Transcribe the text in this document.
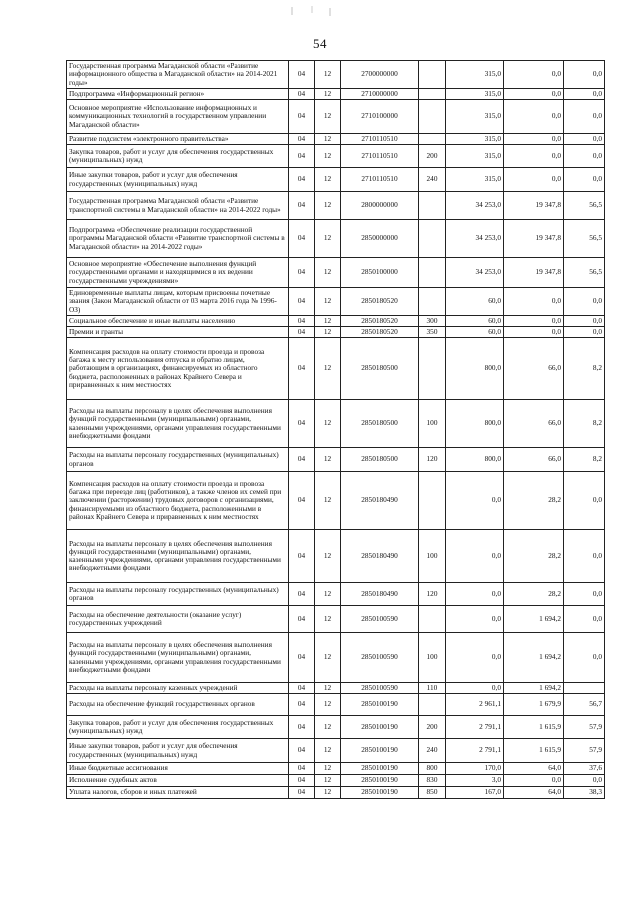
54
Государственная программа Магаданской области «Развитие информационного общества в Магаданской области» на 2014-2021 годы»	04	12	2700000000		315,0	0,0	0,0
Подпрограмма «Информационный регион»	04	12	2710000000		315,0	0,0	0,0
Основное мероприятие «Использование информационных и коммуникационных технологий в государственном управлении Магаданской области»	04	12	2710100000		315,0	0,0	0,0
Развитие подсистем «электронного правительства»	04	12	2710110510		315,0	0,0	0,0
Закупка товаров, работ и услуг для обеспечения государственных (муниципальных) нужд	04	12	2710110510	200	315,0	0,0	0,0
Иные закупки товаров, работ и услуг для обеспечения государственных (муниципальных) нужд	04	12	2710110510	240	315,0	0,0	0,0
Государственная программа Магаданской области «Развитие транспортной системы в Магаданской области» на 2014-2022 годы»	04	12	2800000000		34 253,0	19 347,8	56,5
Подпрограмма «Обеспечение реализации государственной программы Магаданской области «Развитие транспортной системы в Магаданской области» на 2014-2022 годы»	04	12	2850000000		34 253,0	19 347,8	56,5
Основное мероприятие «Обеспечение выполнения функций государственными органами и находящимися в их ведении государственными учреждениями»	04	12	2850100000		34 253,0	19 347,8	56,5
Единовременные выплаты лицам, которым присвоены почетные звания (Закон Магаданской области от 03 марта 2016 года № 1996-ОЗ)	04	12	2850180520		60,0	0,0	0,0
Социальное обеспечение и иные выплаты населению	04	12	2850180520	300	60,0	0,0	0,0
Премии и гранты	04	12	2850180520	350	60,0	0,0	0,0
Компенсация расходов на оплату стоимости проезда и провоза багажа к месту использования отпуска и обратно лицам, работающим в организациях, финансируемых из областного бюджета, расположенных в районах Крайнего Севера и приравненных к ним местностях	04	12	2850180500		800,0	66,0	8,2
Расходы на выплаты персоналу в целях обеспечения выполнения функций государственными (муниципальными) органами, казенными учреждениями, органами управления государственными внебюджетными фондами	04	12	2850180500	100	800,0	66,0	8,2
Расходы на выплаты персоналу государственных (муниципальных) органов	04	12	2850180500	120	800,0	66,0	8,2
Компенсация расходов на оплату стоимости проезда и провоза багажа при переезде лиц (работников), а также членов их семей при заключении (расторжении) трудовых договоров с организациями, финансируемыми из областного бюджета, расположенными в районах Крайнего Севера и приравненных к ним местностях	04	12	2850180490		0,0	28,2	0,0
Расходы на выплаты персоналу в целях обеспечения выполнения функций государственными (муниципальными) органами, казенными учреждениями, органами управления государственными внебюджетными фондами	04	12	2850180490	100	0,0	28,2	0,0
Расходы на выплаты персоналу государственных (муниципальных) органов	04	12	2850180490	120	0,0	28,2	0,0
Расходы на обеспечение деятельности (оказание услуг) государственных учреждений	04	12	2850100590		0,0	1 694,2	0,0
Расходы на выплаты персоналу в целях обеспечения выполнения функций государственными (муниципальными) органами, казенными учреждениями, органами управления государственными внебюджетными фондами	04	12	2850100590	100	0,0	1 694,2	0,0
Расходы на выплаты персоналу казенных учреждений	04	12	2850100590	110	0,0	1 694,2	
Расходы на обеспечение функций государственных органов	04	12	2850100190		2 961,1	1 679,9	56,7
Закупка товаров, работ и услуг для обеспечения государственных (муниципальных) нужд	04	12	2850100190	200	2 791,1	1 615,9	57,9
Иные закупки товаров, работ и услуг для обеспечения государственных (муниципальных) нужд	04	12	2850100190	240	2 791,1	1 615,9	57,9
Иные бюджетные ассигнования	04	12	2850100190	800	170,0	64,0	37,6
Исполнение судебных актов	04	12	2850100190	830	3,0	0,0	0,0
Уплата налогов, сборов и иных платежей	04	12	2850100190	850	167,0	64,0	38,3
